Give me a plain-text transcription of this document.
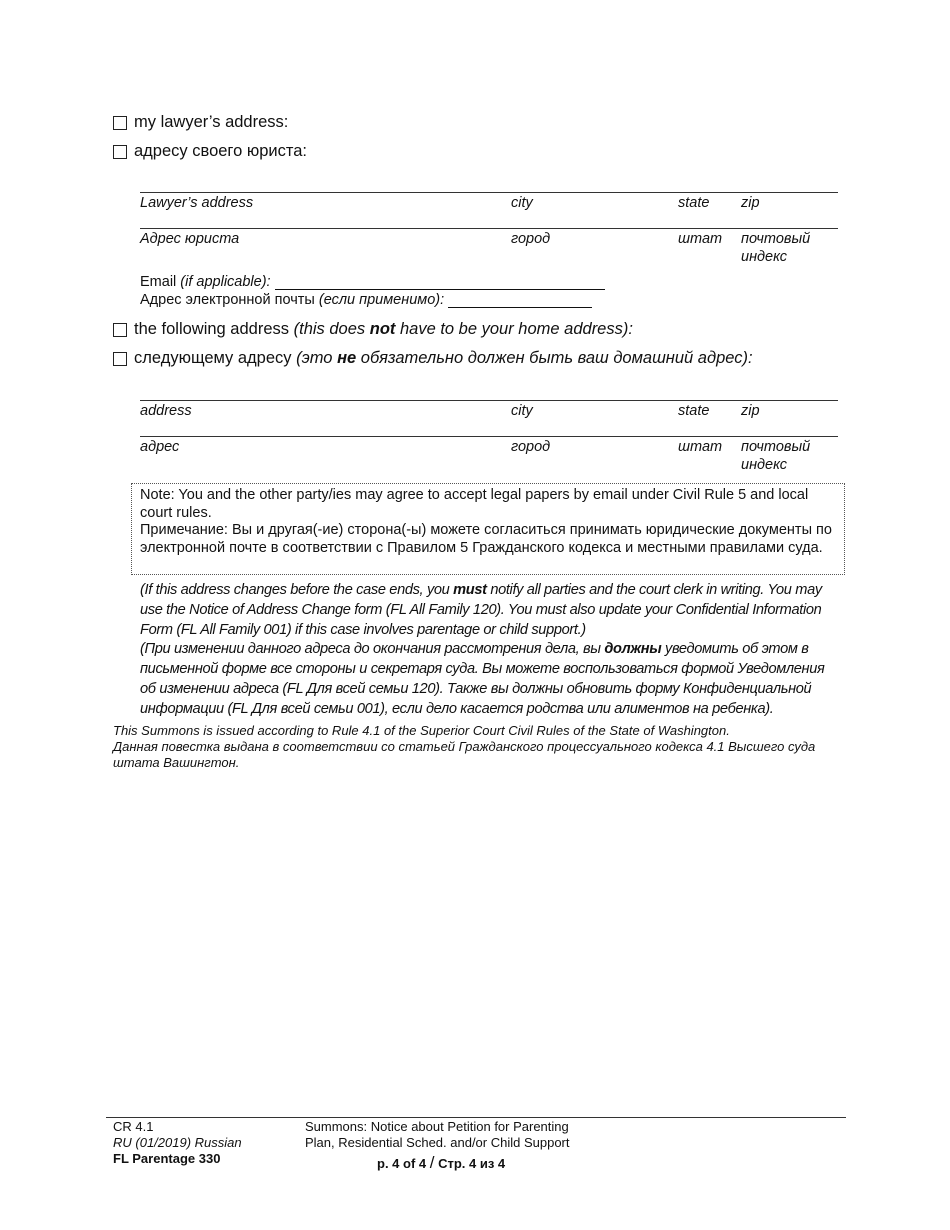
my lawyer’s address:
адресу своего юриста:
Lawyer’s address	city	state zip
Адрес юриста	город	штат почтовый индекс
Email (if applicable):
Адрес электронной почты (если применимо):
the following address (this does not have to be your home address):
следующему адресу (это не обязательно должен быть ваш домашний адрес):
address	city	state zip
адрес	город	штат почтовый индекс
Note: You and the other party/ies may agree to accept legal papers by email under Civil Rule 5 and local court rules.
Примечание: Вы и другая(-ие) сторона(-ы) можете согласиться принимать юридические документы по электронной почте в соответствии с Правилом 5 Гражданского кодекса и местными правилами суда.
(If this address changes before the case ends, you must notify all parties and the court clerk in writing. You may use the Notice of Address Change form (FL All Family 120). You must also update your Confidential Information Form (FL All Family 001) if this case involves parentage or child support.)
(При изменении данного адреса до окончания рассмотрения дела, вы должны уведомить об этом в письменной форме все стороны и секретаря суда. Вы можете воспользоваться формой Уведомления об изменении адреса (FL Для всей семьи 120). Также вы должны обновить форму Конфиденциальной информации (FL Для всей семьи 001), если дело касается родства или алиментов на ребенка).
This Summons is issued according to Rule 4.1 of the Superior Court Civil Rules of the State of Washington.
Данная повестка выдана в соответствии со статьей Гражданского процессуального кодекса 4.1 Высшего суда штата Вашингтон.
CR 4.1
RU (01/2019) Russian
FL Parentage 330
Summons: Notice about Petition for Parenting
Plan, Residential Sched. and/or Child Support
p. 4 of 4 / Стр. 4 из 4
